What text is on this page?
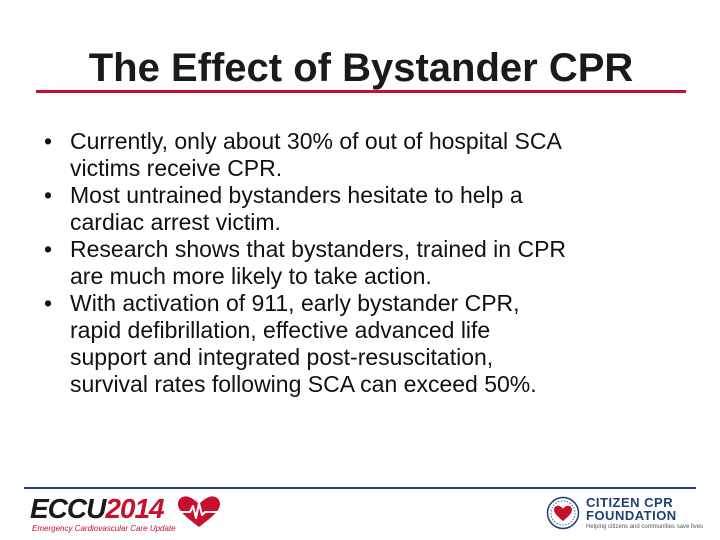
The Effect of Bystander CPR
• Currently, only about 30% of out of hospital SCA
victims receive CPR.
• Most untrained bystanders hesitate to help a
cardiac arrest victim.
• Research shows that bystanders, trained in CPR
are much more likely to take action.
• With activation of 911, early bystander CPR,
rapid defibrillation, effective advanced life
support and integrated post-resuscitation,
survival rates following SCA can exceed 50%.
ECCU2014
Emergency Cardiovascular Care Update
CITIZEN CPR
FOUNDATION
Helping citizens and communities save lives
